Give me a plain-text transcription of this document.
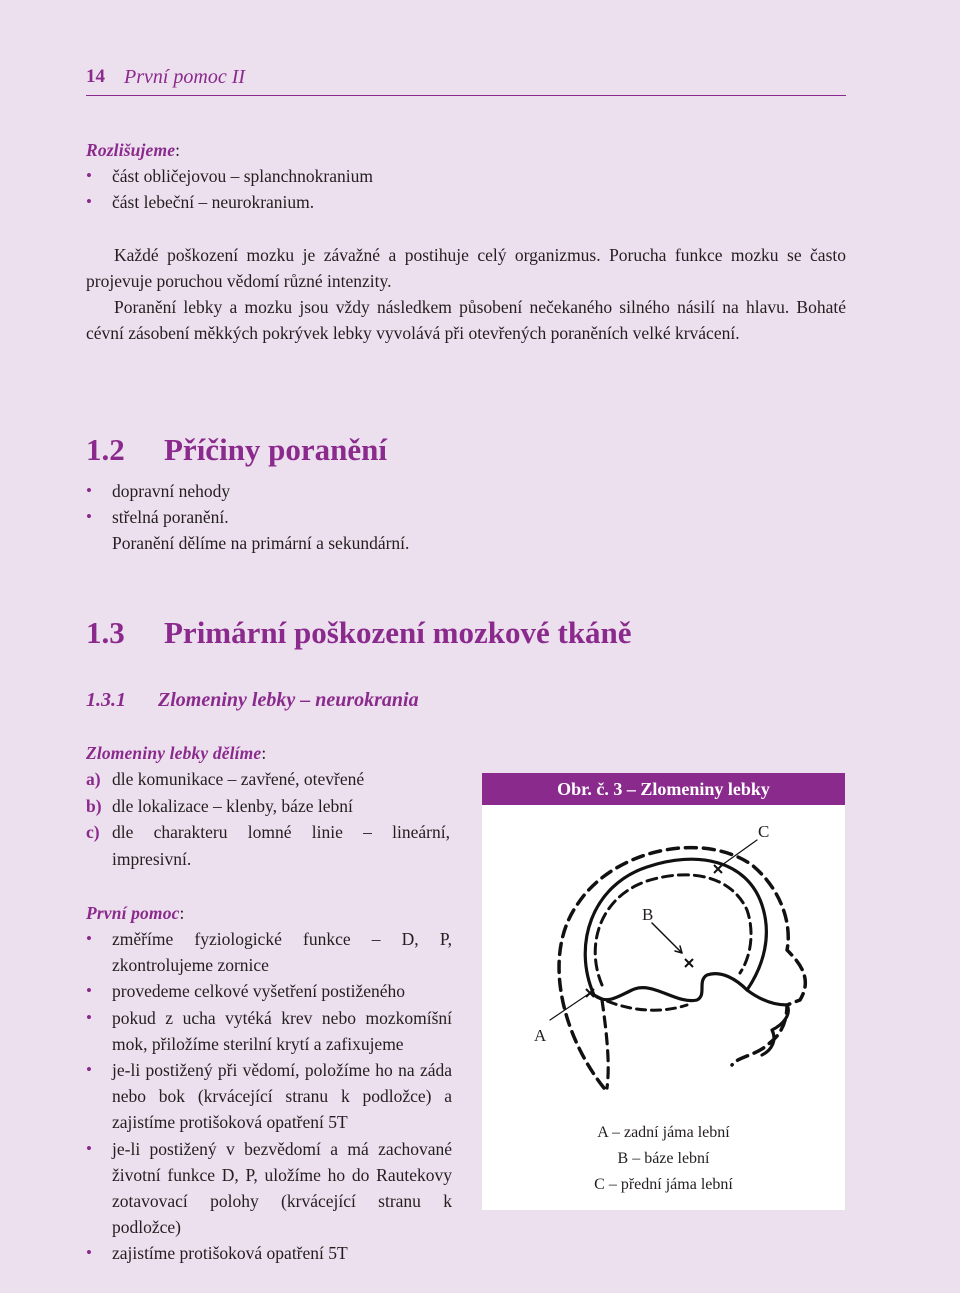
14 První pomoc II
Rozlišujeme:
• část obličejovou – splanchnokranium
• část lebeční – neurokranium.

Každé poškození mozku je závažné a postihuje celý organizmus. Porucha funkce mozku se často projevuje poruchou vědomí různé intenzity.

Poranění lebky a mozku jsou vždy následkem působení nečekaného silného násilí na hlavu. Bohaté cévní zásobení měkkých pokrývek lebky vyvolává při otevřených poraněních velké krvácení.

1.2 Příčiny poranění
• dopravní nehody
• střelná poranění.
Poranění dělíme na primární a sekundární.
1.3 Primární poškození mozkové tkáně
1.3.1 Zlomeniny lebky – neurokrania
Zlomeniny lebky dělíme:
a) dle komunikace – zavřené, otevřené
b) dle lokalizace – klenby, báze lební
c) dle charakteru lomné linie – lineární, impresivní.
První pomoc:
• změříme fyziologické funkce – D, P, zkontrolujeme zornice
• provedeme celkové vyšetření postiženého
• pokud z ucha vytéká krev nebo mozkomíšní mok, přiložíme sterilní krytí a zafixujeme
• je-li postižený při vědomí, položíme ho na záda nebo bok (krvácející stranu k podložce) a zajistíme protišoková opatření 5T
• je-li postižený v bezvědomí a má zachované životní funkce D, P, uložíme ho do Rautekovy zotavovací polohy (krvácející stranu k podložce)
• zajistíme protišoková opatření 5T
Obr. č. 3 – Zlomeniny lebky
A
B
C
A – zadní jáma lební
B – báze lební
C – přední jáma lební
